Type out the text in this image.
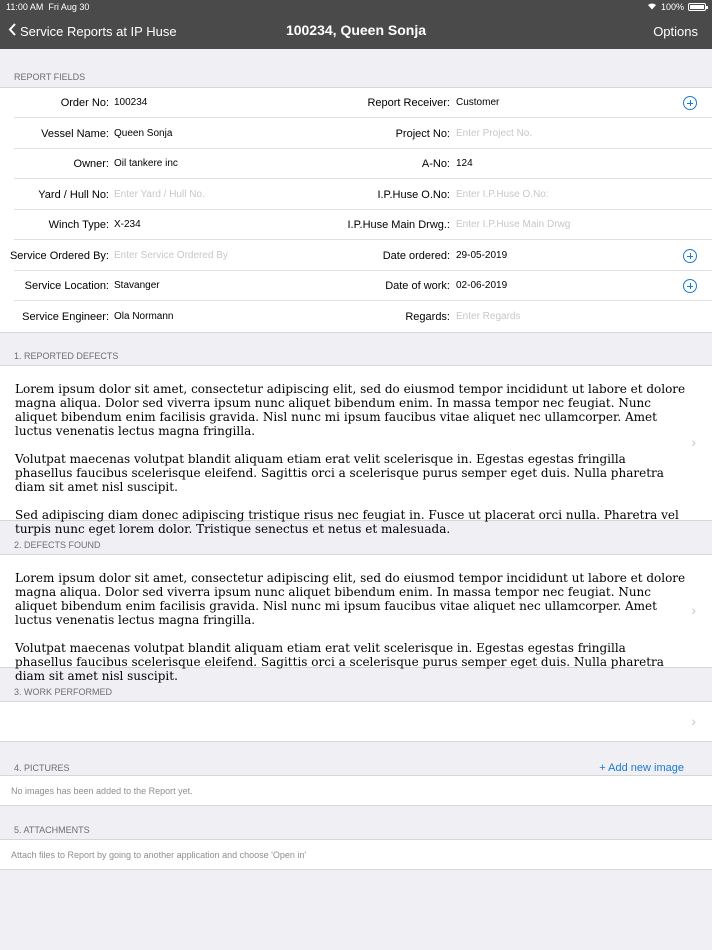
11:00 AM Fri Aug 30	100%
Service Reports at IP Huse	100234, Queen Sonja	Options
REPORT FIELDS
Order No: 100234	Report Receiver: Customer
Vessel Name: Queen Sonja	Project No: Enter Project No.
Owner: Oil tankere inc	A-No: 124
Yard / Hull No: Enter Yard / Hull No.	I.P.Huse O.No: Enter I.P.Huse O.No:
Winch Type: X-234	I.P.Huse Main Drwg.: Enter I.P.Huse Main Drwg
Service Ordered By: Enter Service Ordered By	Date ordered: 29-05-2019
Service Location: Stavanger	Date of work: 02-06-2019
Service Engineer: Ola Normann	Regards: Enter Regards
1. REPORTED DEFECTS

Lorem ipsum dolor sit amet, consectetur adipiscing elit, sed do eiusmod tempor incididunt ut labore et dolore magna aliqua. Dolor sed viverra ipsum nunc aliquet bibendum enim. In massa tempor nec feugiat. Nunc aliquet bibendum enim facilisis gravida. Nisl nunc mi ipsum faucibus vitae aliquet nec ullamcorper. Amet luctus venenatis lectus magna fringilla.

Volutpat maecenas volutpat blandit aliquam etiam erat velit scelerisque in. Egestas egestas fringilla phasellus faucibus scelerisque eleifend. Sagittis orci a scelerisque purus semper eget duis. Nulla pharetra diam sit amet nisl suscipit.

Sed adipiscing diam donec adipiscing tristique risus nec feugiat in. Fusce ut placerat orci nulla. Pharetra vel turpis nunc eget lorem dolor. Tristique senectus et netus et malesuada.

›
2. DEFECTS FOUND

Lorem ipsum dolor sit amet, consectetur adipiscing elit, sed do eiusmod tempor incididunt ut labore et dolore magna aliqua. Dolor sed viverra ipsum nunc aliquet bibendum enim. In massa tempor nec feugiat. Nunc aliquet bibendum enim facilisis gravida. Nisl nunc mi ipsum faucibus vitae aliquet nec ullamcorper. Amet luctus venenatis lectus magna fringilla.

Volutpat maecenas volutpat blandit aliquam etiam erat velit scelerisque in. Egestas egestas fringilla phasellus faucibus scelerisque eleifend. Sagittis orci a scelerisque purus semper eget duis. Nulla pharetra diam sit amet nisl suscipit.

›
3. WORK PERFORMED
›
4. PICTURES	+ Add new image
No images has been added to the Report yet.
5. ATTACHMENTS
Attach files to Report by going to another application and choose 'Open in'
